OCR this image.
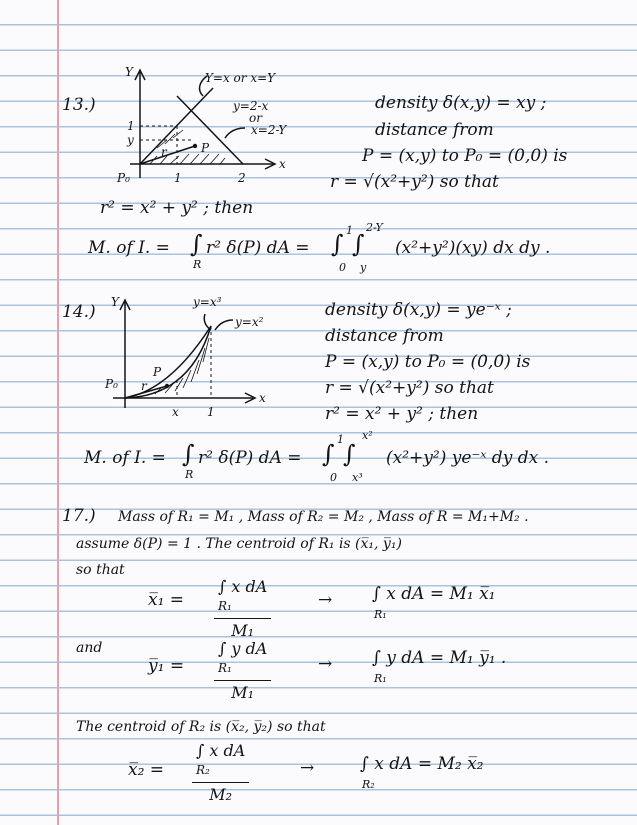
13.)
Y
x
Y=x or x=Y
y=2-x
or
x=2-Y
1
y
1	2
P₀
P
r
density δ(x,y) = xy ;
distance from
P = (x,y) to P₀ = (0,0) is
r = √(x²+y²) so that
r² = x² + y² ; then
M. of I. = ∫
R
r² δ(P) dA = ∫ 1
0
∫
2-Y
y
(x²+y²)(xy) dx dy .
14.) Y
x
y=x³
y=x²
P₀
P
r
x 1
density δ(x,y) = ye⁻ˣ ;
distance from
P = (x,y) to P₀ = (0,0) is
r = √(x²+y²) so that
r² = x² + y² ; then
M. of I. = ∫
R
r² δ(P) dA = ∫
1
0
∫
x²
x³
(x²+y²) ye⁻ˣ dy dx .
17.) Mass of R₁ = M₁ , Mass of R₂ = M₂ , Mass of R = M₁+M₂ .
assume δ(P) = 1 . The centroid of R₁ is (x̅₁, y̅₁)
so that
x̅₁ =
∫ x dA
R₁
M₁
→ ∫ x dA = M₁ x̅₁
R₁
and
y̅₁ =
∫ y dA
R₁
M₁
→ ∫ y dA = M₁ y̅₁ .
R₁
The centroid of R₂ is (x̅₂, y̅₂) so that
x̅₂ =
∫ x dA
R₂
M₂
→	∫ x dA = M₂ x̅₂
R₂
